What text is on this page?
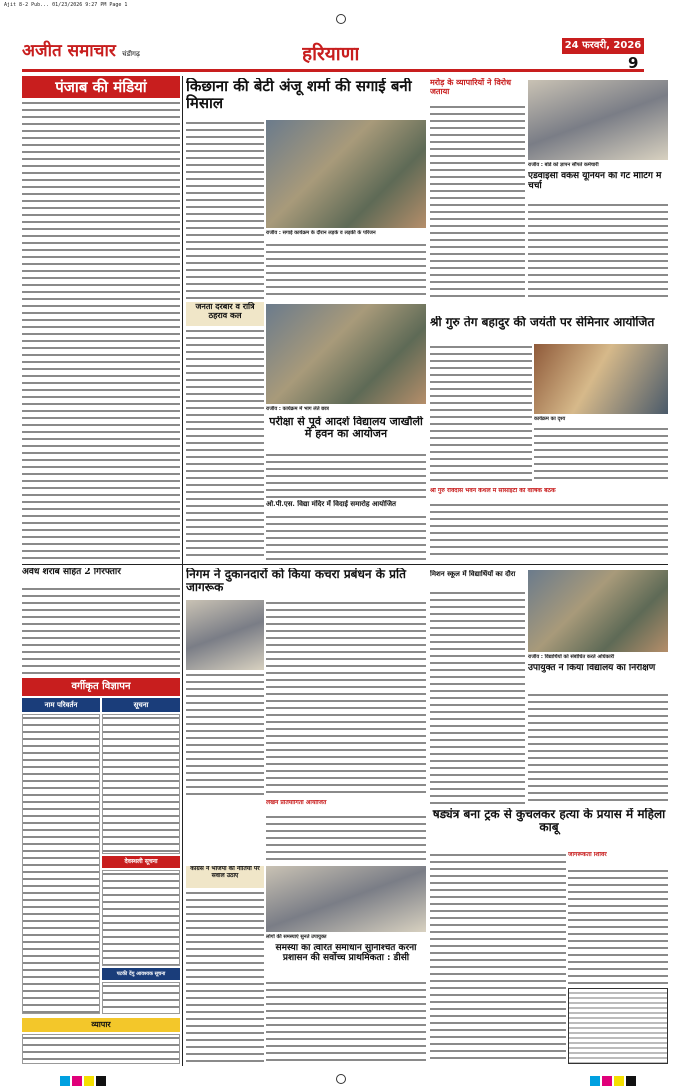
Ajit 8-2 Pub... 01/23/2026 9:27 PM Page 1
अजीत समाचार चंडीगढ़	हरियाणा	24 फरवरी, 2026
9
पंजाब की मंडियां	किछाना की बेटी अंजू शर्मा की सगाई बनी मिसाल
राजीव : सगाई कार्यक्रम के दौरान लड़के व लड़की के परिजन
मरोड़ के व्यापारियों ने विरोध जताया
राजीव : बोर्ड को ज्ञापन सौंपते कर्मचारी
एडवाइर्सी वर्कर्स यूनियन की गेट मीटिंग में चर्चा
श्री गुरु तेग बहादुर की जयंती पर सेमिनार आयोजित
कार्यक्रम का दृश्य
जनता दरबार व रात्रि ठहराव कल
राजीव : कार्यक्रम में भाग लेते छात्र
परीक्षा से पूर्व आदर्श विद्यालय जाखौली में हवन का आयोजन
श्री गुरु रविदास भवन कैथल में सोसाइटी की वार्षिक बैठक
ओ.पी.एस. विद्या मंदिर में विदाई समारोह आयोजित
अवैध शराब सहित 2 गिरफ्तार
वर्गीकृत विज्ञापन
नाम परिवर्तन	सूचना
देवस्थली सूचना
पटकी देंगु आवश्यक सूचना
व्यापार
निगम ने दुकानदारों को किया कचरा प्रबंधन के प्रति जागरूक
मिशन स्कूल में विद्यार्थियों का दौरा
राजीव : विद्यार्थियों को संबोधित करते अधिकारी
उपायुक्त ने किया विद्यालय का निरीक्षण
लेखन प्रतियोगिता आयोजित
कांग्रेस ने भाजपा की नीतियों पर सवाल उठाए
षड्यंत्र बना ट्रक से कुचलकर हत्या के प्रयास में महिला काबू
जागरूकता शिविर
लोगों की समस्याएं सुनते उपायुक्त
समस्या का त्वरित समाधान सुनिश्चित करना प्रशासन की सर्वोच्च प्राथमिकता : डीसी
